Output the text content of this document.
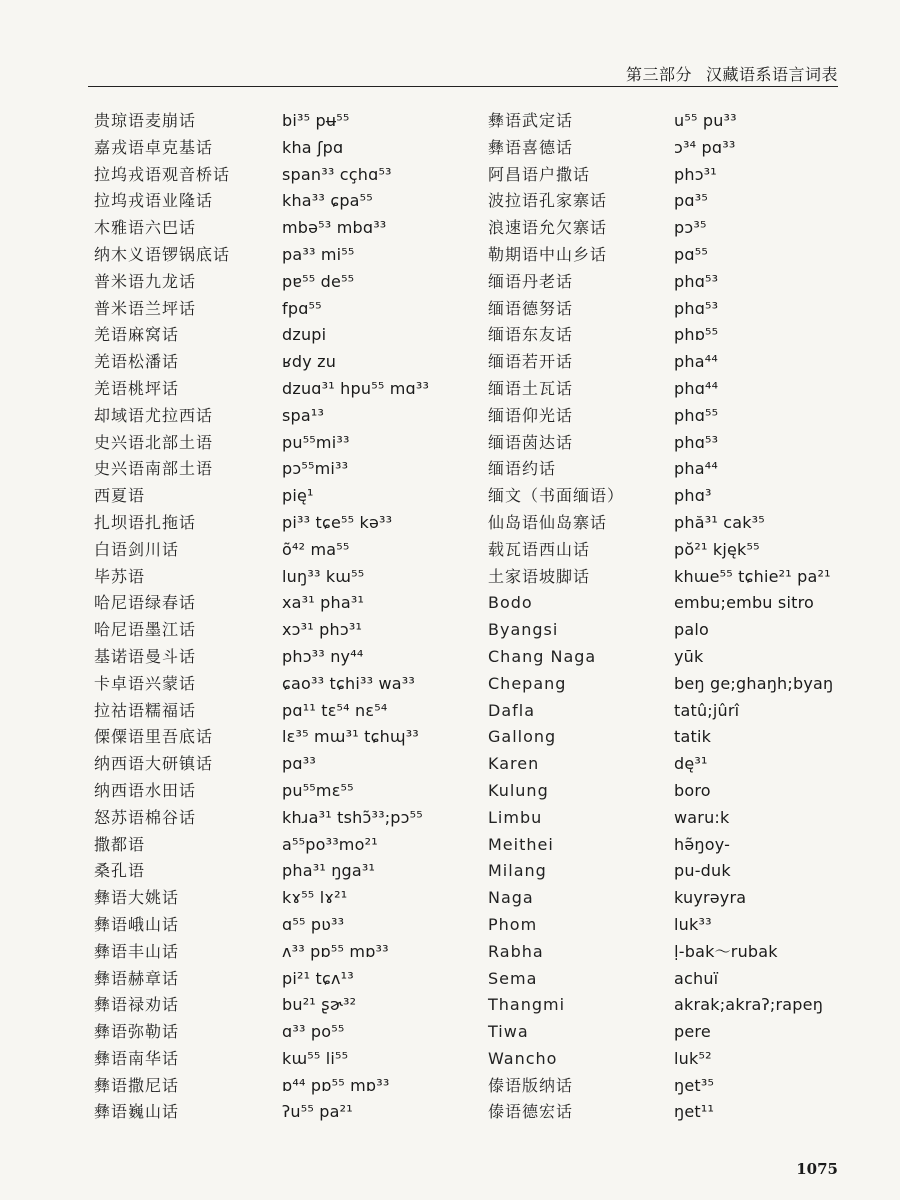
第三部分 汉藏语系语言词表
贵琼语麦崩话	bi³⁵ pʉ⁵⁵
嘉戎语卓克基话	kha ʃpɑ
拉坞戎语观音桥话	span³³ cçhɑ⁵³
拉坞戎语业隆话	kha³³ ɕpa⁵⁵
木雅语六巴话	mbə⁵³ mbɑ³³
纳木义语锣锅底话	pa³³ mi⁵⁵
普米语九龙话	pɐ⁵⁵ de⁵⁵
普米语兰坪话	fpɑ⁵⁵
羌语麻窝话	dzupi
羌语松潘话	ʁdy zu
羌语桃坪话	dzuɑ³¹ hpu⁵⁵ mɑ³³
却域语尤拉西话	spa¹³
史兴语北部土语	pu⁵⁵mi³³
史兴语南部土语	pɔ⁵⁵mi³³
西夏语	pię¹
扎坝语扎拖话	pi³³ tɕe⁵⁵ kə³³
白语剑川话	õ⁴² ma⁵⁵
毕苏语	luŋ³³ kɯ⁵⁵
哈尼语绿春话	xa³¹ pha³¹
哈尼语墨江话	xɔ³¹ phɔ³¹
基诺语曼斗话	phɔ³³ ny⁴⁴
卡卓语兴蒙话	ɕao³³ tɕhi³³ wa³³
拉祜语糯福话	pɑ¹¹ tɛ⁵⁴ nɛ⁵⁴
傈僳语里吾底话	lɛ³⁵ mɯ³¹ tɕhɰ³³
纳西语大研镇话	pɑ³³
纳西语水田话	pu⁵⁵mɛ⁵⁵
怒苏语棉谷话	khɹa³¹ tshɔ̃³³;pɔ⁵⁵
撒都语	a⁵⁵po³³mo²¹
桑孔语	pha³¹ ŋga³¹
彝语大姚话	kɤ⁵⁵ lɤ²¹
彝语峨山话	ɑ⁵⁵ pʋ³³
彝语丰山话	ʌ³³ pɒ⁵⁵ mɒ³³
彝语赫章话	pi²¹ tɕʌ¹³
彝语禄劝话	bu²¹ ʂɚ³²
彝语弥勒话	ɑ³³ po⁵⁵
彝语南华话	kɯ⁵⁵ li⁵⁵
彝语撒尼话	ɒ⁴⁴ pɒ⁵⁵ mɒ³³
彝语巍山话	ʔu⁵⁵ pa²¹
彝语武定话	u⁵⁵ pu³³
彝语喜德话	ɔ³⁴ pɑ³³
阿昌语户撒话	phɔ³¹
波拉语孔家寨话	pɑ³⁵
浪速语允欠寨话	pɔ³⁵
勒期语中山乡话	pɑ⁵⁵
缅语丹老话	phɑ⁵³
缅语德努话	phɑ⁵³
缅语东友话	phɒ⁵⁵
缅语若开话	pha⁴⁴
缅语土瓦话	phɑ⁴⁴
缅语仰光话	phɑ⁵⁵
缅语茵达话	phɑ⁵³
缅语约话	pha⁴⁴
缅文（书面缅语）	phɑ³
仙岛语仙岛寨话	phă³¹ cak³⁵
载瓦语西山话	pŏ²¹ kjęk⁵⁵
土家语坡脚话	khɯe⁵⁵ tɕhie²¹ pa²¹
Bodo	embu;embu sitro
Byangsi	palo
Chang Naga	yūk
Chepang	beŋ ge;ghaŋh;byaŋ
Dafla	tatû;jûrî
Gallong	tatik
Karen	dę³¹
Kulung	boro
Limbu	waru:k
Meithei	hə̃ŋoy-
Milang	pu-duk
Naga	kuyrəyra
Phom	luk³³
Rabha	ḷ-bak～rubak
Sema	achuï
Thangmi	akrak;akraʔ;rapeŋ
Tiwa	pere
Wancho	luk⁵²
傣语版纳话	ŋet³⁵
傣语德宏话	ŋet¹¹
1075
